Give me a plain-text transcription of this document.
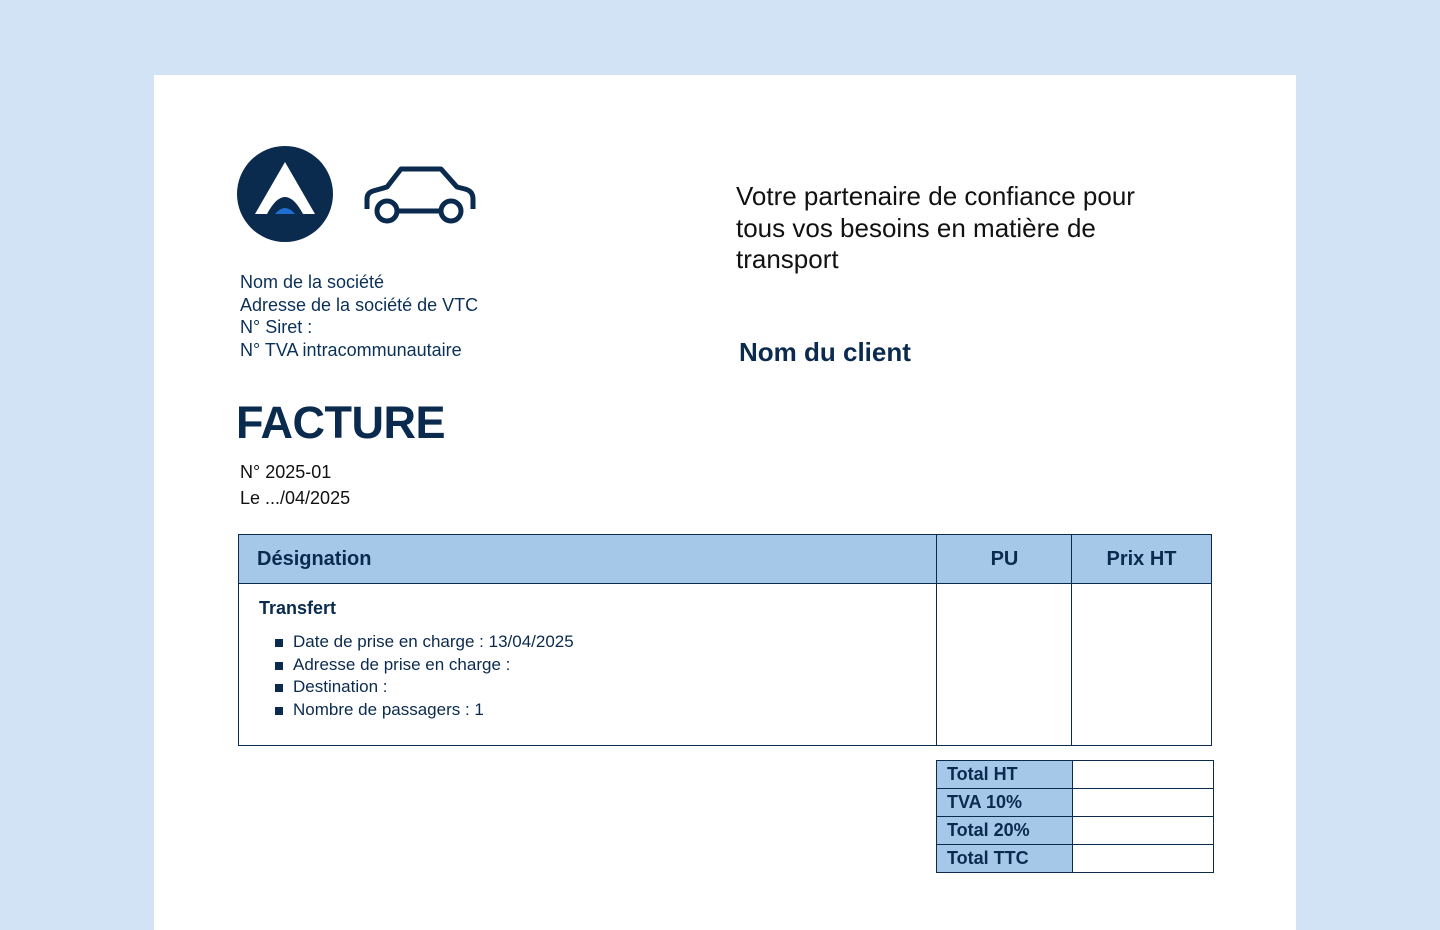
Nom de la société
Adresse de la société de VTC
N° Siret :
N° TVA intracommunautaire
Votre partenaire de confiance pour tous vos besoins en matière de transport
Nom du client
FACTURE
N° 2025-01
Le .../04/2025
Désignation	PU	Prix HT
Transfert
Date de prise en charge : 13/04/2025
Adresse de prise en charge :
Destination :
Nombre de passagers : 1
Total HT	
TVA 10%	
Total 20%	
Total TTC	
